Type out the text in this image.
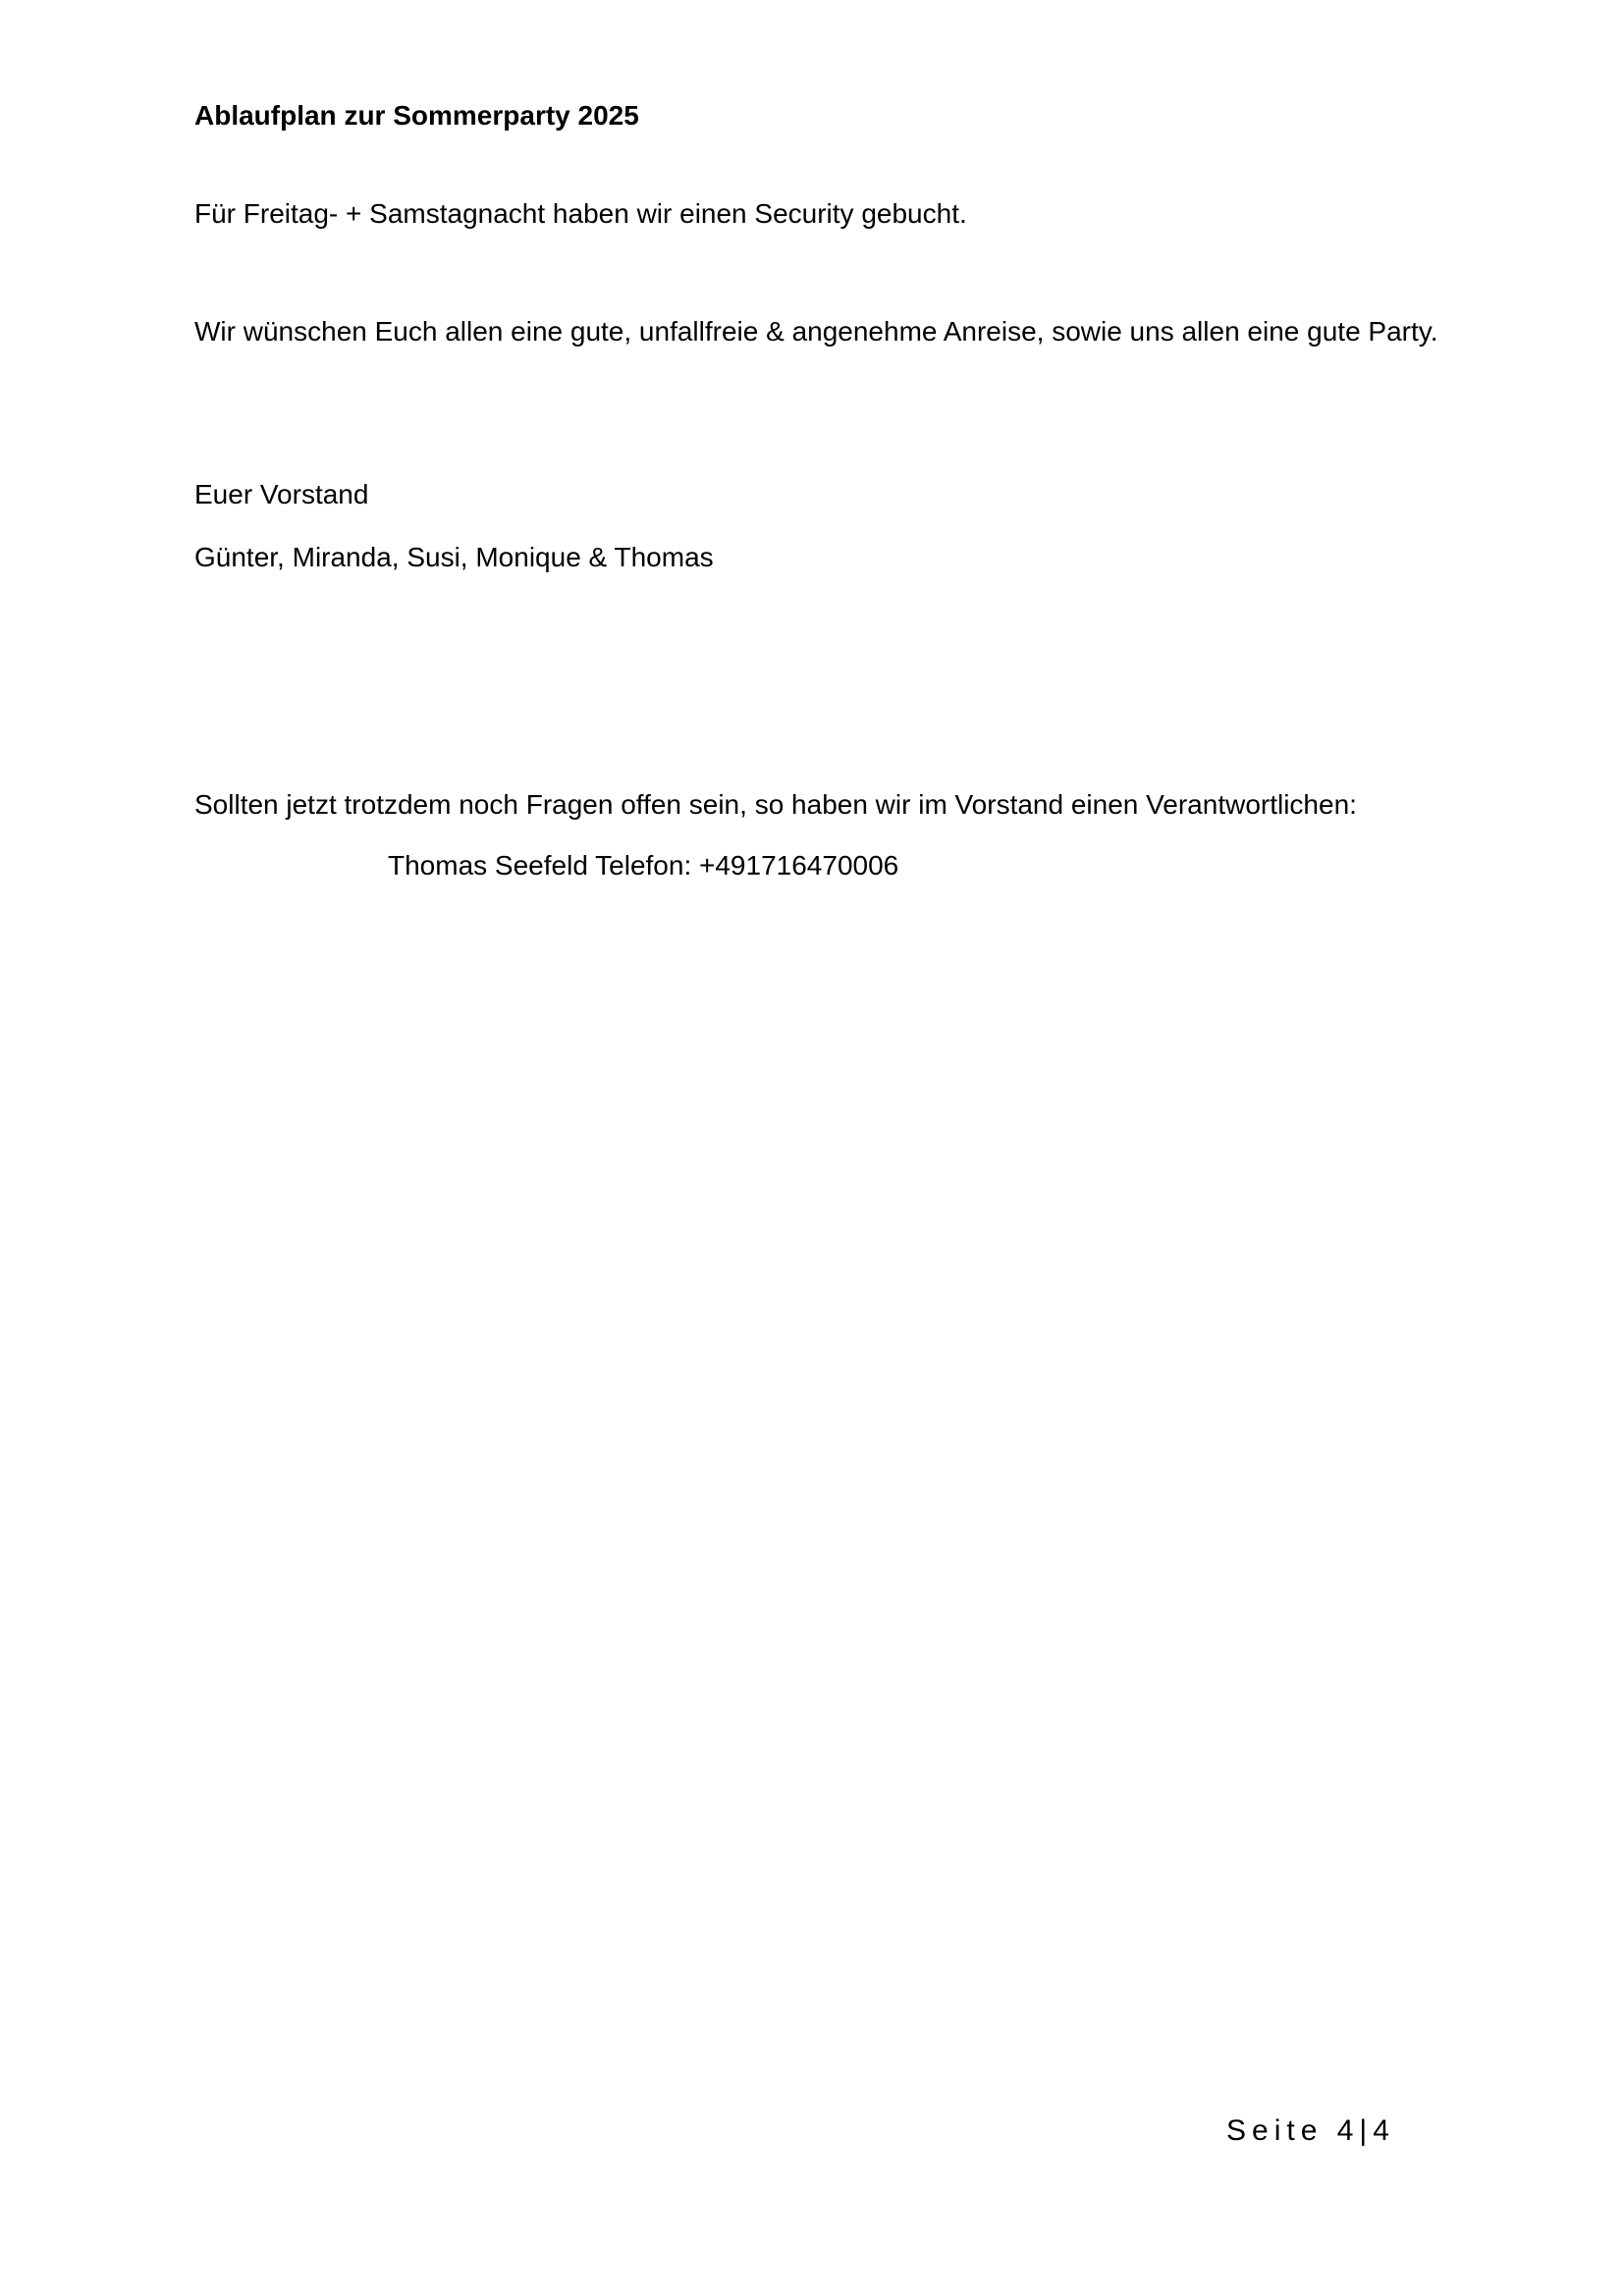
Ablaufplan zur Sommerparty 2025
Für Freitag- + Samstagnacht haben wir einen Security gebucht.
Wir wünschen Euch allen eine gute, unfallfreie & angenehme Anreise, sowie uns allen eine gute Party.
Euer Vorstand
Günter, Miranda, Susi, Monique & Thomas
Sollten jetzt trotzdem noch Fragen offen sein, so haben wir im Vorstand einen Verantwortlichen:
Thomas Seefeld Telefon: +491716470006
Seite 4|4
